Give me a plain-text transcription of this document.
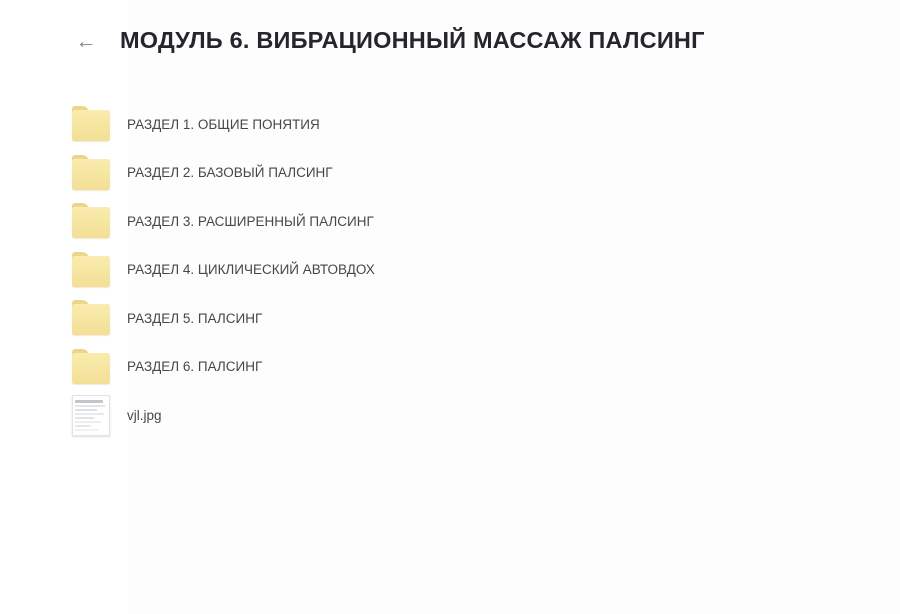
← МОДУЛЬ 6. ВИБРАЦИОННЫЙ МАССАЖ ПАЛСИНГ
РАЗДЕЛ 1. ОБЩИЕ ПОНЯТИЯ
РАЗДЕЛ 2. БАЗОВЫЙ ПАЛСИНГ
РАЗДЕЛ 3. РАСШИРЕННЫЙ ПАЛСИНГ
РАЗДЕЛ 4. ЦИКЛИЧЕСКИЙ АВТОВДОХ
РАЗДЕЛ 5. ПАЛСИНГ
РАЗДЕЛ 6. ПАЛСИНГ
vjl.jpg
